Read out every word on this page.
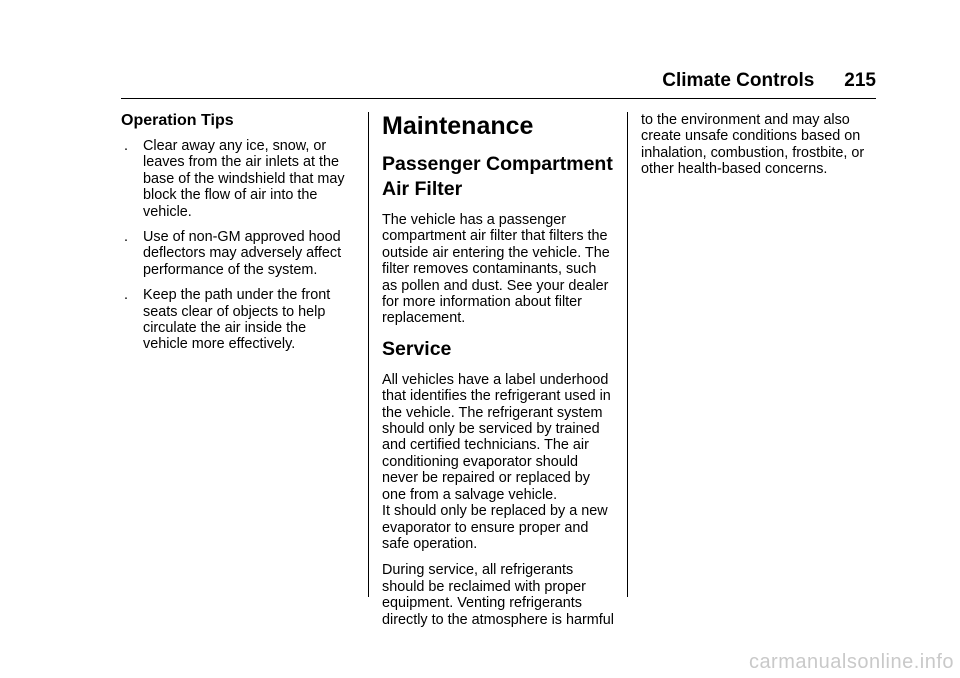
Climate Controls 215
Operation Tips
. Clear away any ice, snow, or leaves from the air inlets at the base of the windshield that may block the flow of air into the vehicle.
. Use of non-GM approved hood deflectors may adversely affect performance of the system.
. Keep the path under the front seats clear of objects to help circulate the air inside the vehicle more effectively.
Maintenance
Passenger Compartment Air Filter

The vehicle has a passenger compartment air filter that filters the outside air entering the vehicle. The filter removes contaminants, such as pollen and dust. See your dealer for more information about filter replacement.

Service

All vehicles have a label underhood that identifies the refrigerant used in the vehicle. The refrigerant system should only be serviced by trained and certified technicians. The air conditioning evaporator should never be repaired or replaced by one from a salvage vehicle.

It should only be replaced by a new evaporator to ensure proper and safe operation.

During service, all refrigerants should be reclaimed with proper equipment. Venting refrigerants directly to the atmosphere is harmful

to the environment and may also create unsafe conditions based on inhalation, combustion, frostbite, or other health-based concerns.

carmanualsonline.info
